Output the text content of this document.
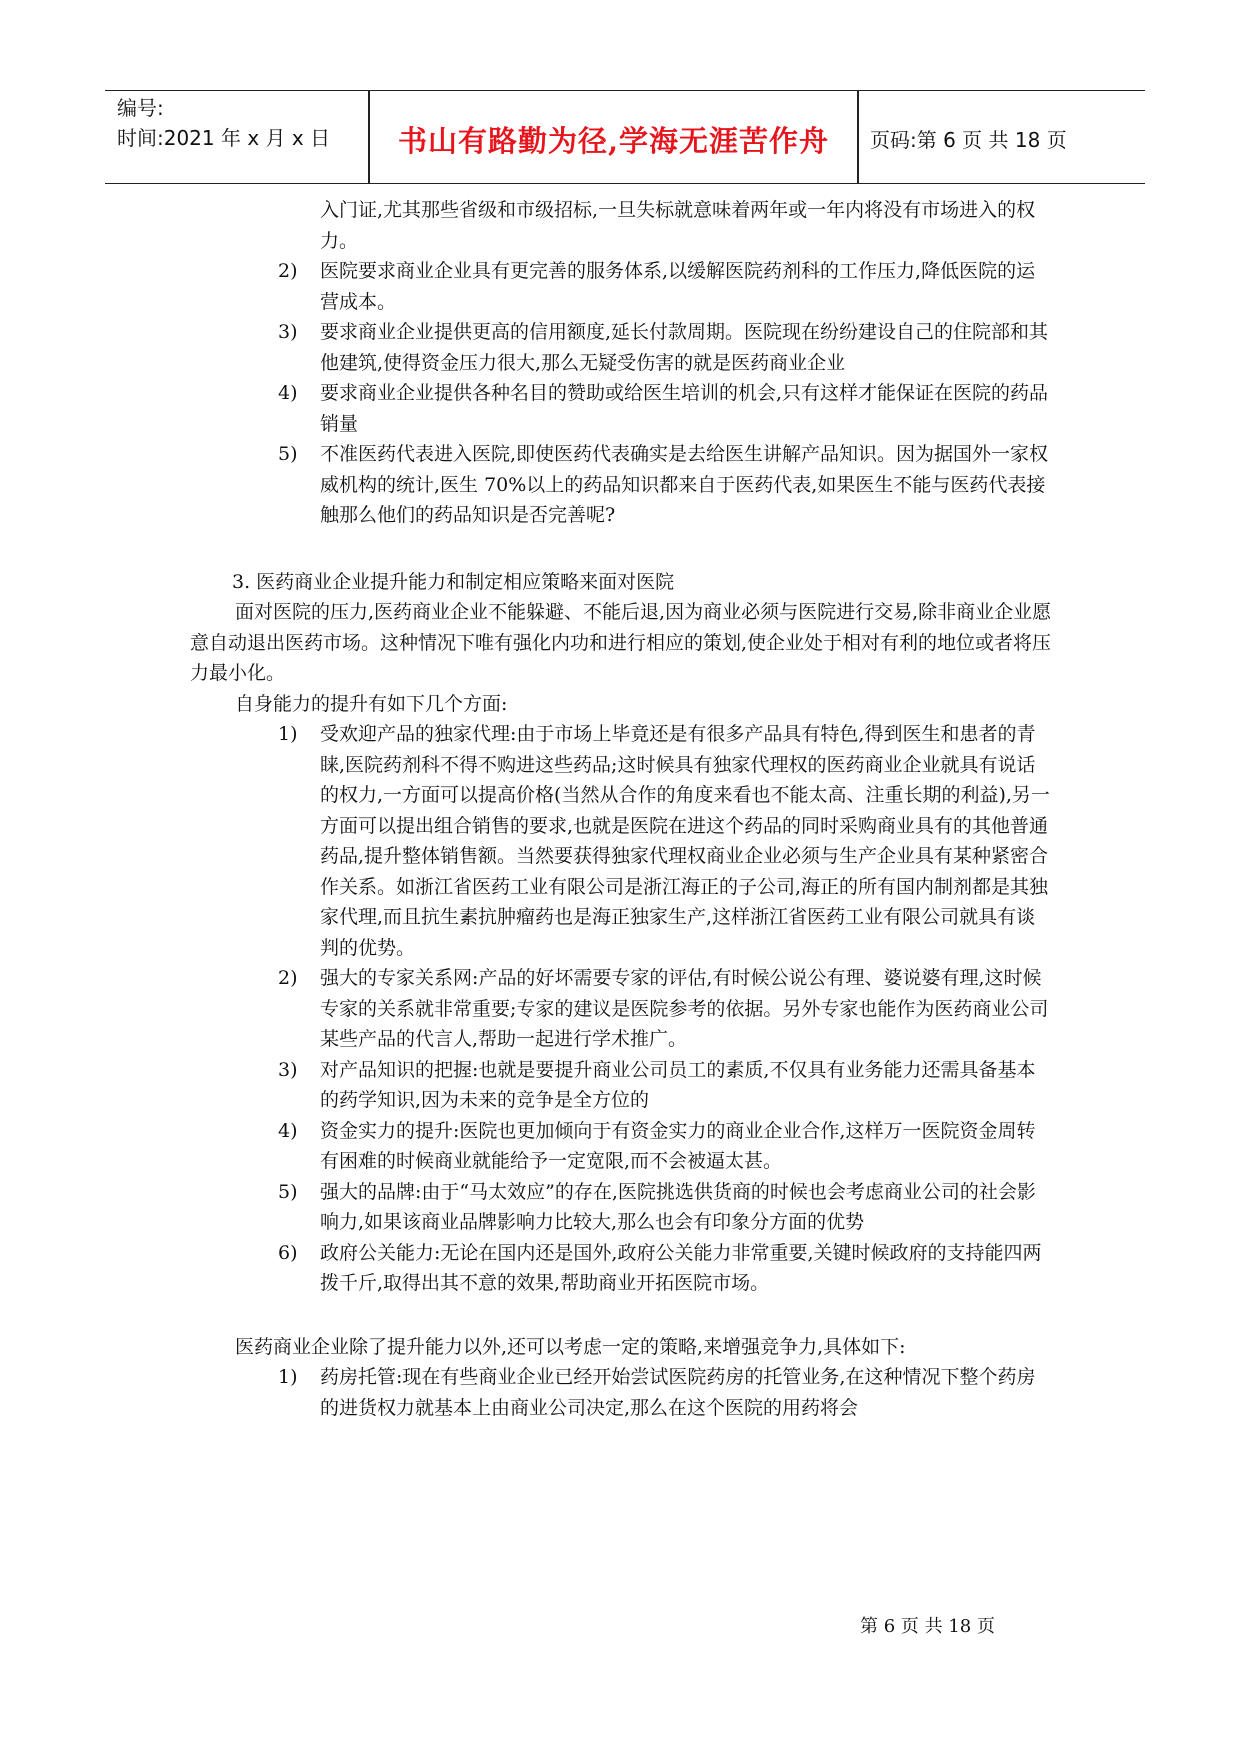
编号:
时间:2021 年 x 月 x 日	书山有路勤为径,学海无涯苦作舟	页码:第 6 页 共 18 页
入门证,尤其那些省级和市级招标,一旦失标就意味着两年或一年内将没有市场进入的权力。
2) 医院要求商业企业具有更完善的服务体系,以缓解医院药剂科的工作压力,降低医院的运营成本。
3) 要求商业企业提供更高的信用额度,延长付款周期。医院现在纷纷建设自己的住院部和其他建筑,使得资金压力很大,那么无疑受伤害的就是医药商业企业
4) 要求商业企业提供各种名目的赞助或给医生培训的机会,只有这样才能保证在医院的药品销量
5) 不准医药代表进入医院,即使医药代表确实是去给医生讲解产品知识。因为据国外一家权威机构的统计,医生 70%以上的药品知识都来自于医药代表,如果医生不能与医药代表接触那么他们的药品知识是否完善呢?
3. 医药商业企业提升能力和制定相应策略来面对医院
面对医院的压力,医药商业企业不能躲避、不能后退,因为商业必须与医院进行交易,除非商业企业愿意自动退出医药市场。这种情况下唯有强化内功和进行相应的策划,使企业处于相对有利的地位或者将压力最小化。
自身能力的提升有如下几个方面:
1) 受欢迎产品的独家代理:由于市场上毕竟还是有很多产品具有特色,得到医生和患者的青睐,医院药剂科不得不购进这些药品;这时候具有独家代理权的医药商业企业就具有说话的权力,一方面可以提高价格(当然从合作的角度来看也不能太高、注重长期的利益),另一方面可以提出组合销售的要求,也就是医院在进这个药品的同时采购商业具有的其他普通药品,提升整体销售额。当然要获得独家代理权商业企业必须与生产企业具有某种紧密合作关系。如浙江省医药工业有限公司是浙江海正的子公司,海正的所有国内制剂都是其独家代理,而且抗生素抗肿瘤药也是海正独家生产,这样浙江省医药工业有限公司就具有谈判的优势。
2) 强大的专家关系网:产品的好坏需要专家的评估,有时候公说公有理、婆说婆有理,这时候专家的关系就非常重要;专家的建议是医院参考的依据。另外专家也能作为医药商业公司某些产品的代言人,帮助一起进行学术推广。
3) 对产品知识的把握:也就是要提升商业公司员工的素质,不仅具有业务能力还需具备基本的药学知识,因为未来的竞争是全方位的
4) 资金实力的提升:医院也更加倾向于有资金实力的商业企业合作,这样万一医院资金周转有困难的时候商业就能给予一定宽限,而不会被逼太甚。
5) 强大的品牌:由于“马太效应”的存在,医院挑选供货商的时候也会考虑商业公司的社会影响力,如果该商业品牌影响力比较大,那么也会有印象分方面的优势
6) 政府公关能力:无论在国内还是国外,政府公关能力非常重要,关键时候政府的支持能四两拨千斤,取得出其不意的效果,帮助商业开拓医院市场。
医药商业企业除了提升能力以外,还可以考虑一定的策略,来增强竞争力,具体如下:
1) 药房托管:现在有些商业企业已经开始尝试医院药房的托管业务,在这种情况下整个药房的进货权力就基本上由商业公司决定,那么在这个医院的用药将会
第 6 页 共 18 页
